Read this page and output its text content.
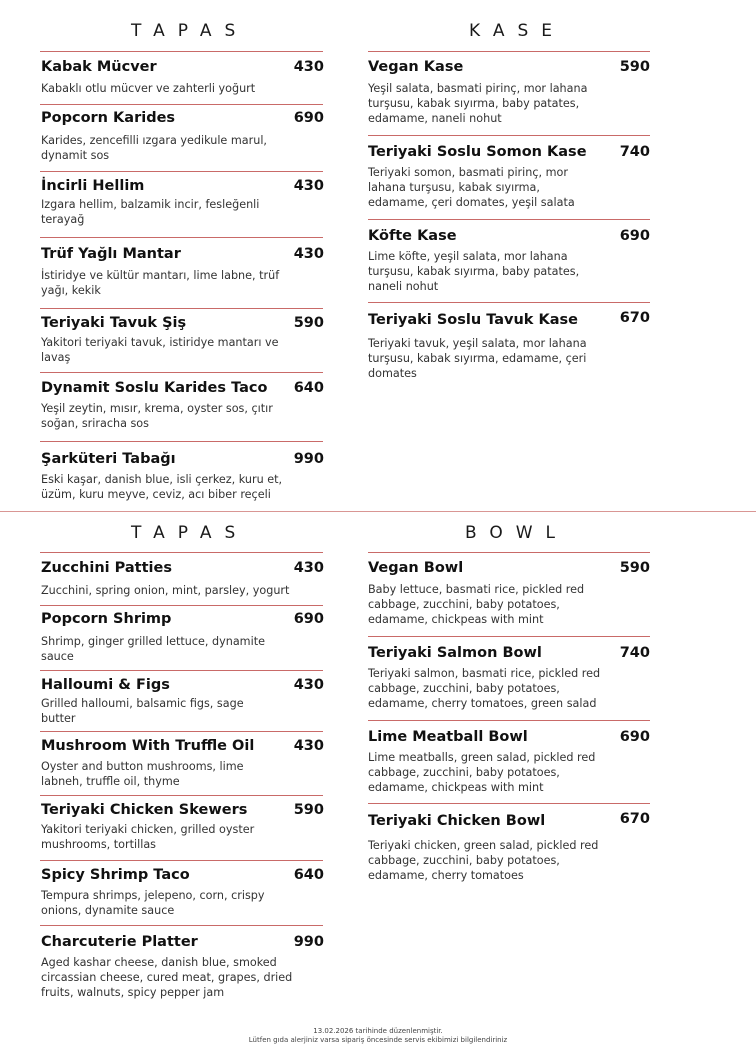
TAPAS	KASE
Kabak Mücver	430
Kabaklı otlu mücver ve zahterli yoğurt
Popcorn Karides	690
Karides, zencefilli ızgara yedikule marul, dynamit sos
İncirli Hellim	430
Izgara hellim, balzamik incir, fesleğenli terayağ
Trüf Yağlı Mantar	430
İstiridye ve kültür mantarı, lime labne, trüf yağı, kekik
Teriyaki Tavuk Şiş	590
Yakitori teriyaki tavuk, istiridye mantarı ve lavaş
Dynamit Soslu Karides Taco 640
Yeşil zeytin, mısır, krema, oyster sos, çıtır soğan, sriracha sos
Şarküteri Tabağı	990
Eski kaşar, danish blue, isli çerkez, kuru et, üzüm, kuru meyve, ceviz, acı biber reçeli
Vegan Kase	590
Yeşil salata, basmati pirinç, mor lahana turşusu, kabak sıyırma, baby patates, edamame, naneli nohut
Teriyaki Soslu Somon Kase 740
Teriyaki somon, basmati pirinç, mor lahana turşusu, kabak sıyırma, edamame, çeri domates, yeşil salata
Köfte Kase	690
Lime köfte, yeşil salata, mor lahana turşusu, kabak sıyırma, baby patates, naneli nohut
Teriyaki Soslu Tavuk Kase	670
Teriyaki tavuk, yeşil salata, mor lahana turşusu, kabak sıyırma, edamame, çeri domates
TAPAS	BOWL
Zucchini Patties	430
Zucchini, spring onion, mint, parsley, yogurt
Popcorn Shrimp	690
Shrimp, ginger grilled lettuce, dynamite sauce
Halloumi & Figs	430
Grilled halloumi, balsamic figs, sage butter
Mushroom With Truffle Oil	430
Oyster and button mushrooms, lime labneh, truffle oil, thyme
Teriyaki Chicken Skewers	590
Yakitori teriyaki chicken, grilled oyster mushrooms, tortillas
Spicy Shrimp Taco	640
Tempura shrimps, jelepeno, corn, crispy onions, dynamite sauce
Charcuterie Platter	990
Aged kashar cheese, danish blue, smoked circassian cheese, cured meat, grapes, dried fruits, walnuts, spicy pepper jam
Vegan Bowl	590
Baby lettuce, basmati rice, pickled red cabbage, zucchini, baby potatoes, edamame, chickpeas with mint
Teriyaki Salmon Bowl	740
Teriyaki salmon, basmati rice, pickled red cabbage, zucchini, baby potatoes, edamame, cherry tomatoes, green salad
Lime Meatball Bowl	690
Lime meatballs, green salad, pickled red cabbage, zucchini, baby potatoes, edamame, chickpeas with mint
Teriyaki Chicken Bowl	670
Teriyaki chicken, green salad, pickled red cabbage, zucchini, baby potatoes, edamame, cherry tomatoes
13.02.2026 tarihinde düzenlenmiştir.
Lütfen gıda alerjiniz varsa sipariş öncesinde servis ekibimizi bilgilendiriniz
